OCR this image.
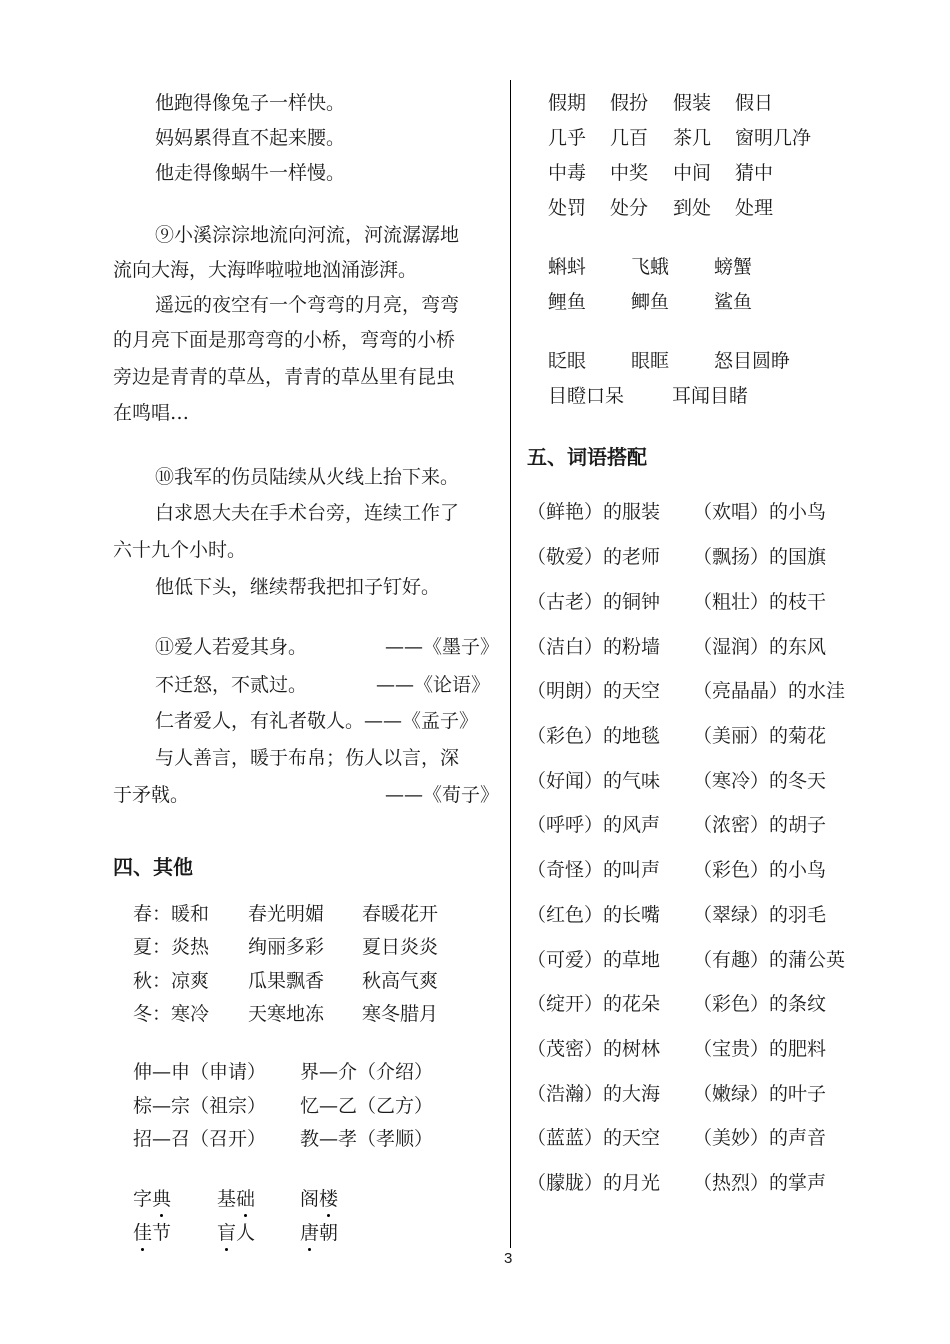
他跑得像兔子一样快。
妈妈累得直不起来腰。
他走得像蜗牛一样慢。
⑨小溪淙淙地流向河流，河流潺潺地
流向大海，大海哗啦啦地汹涌澎湃。
遥远的夜空有一个弯弯的月亮，弯弯
的月亮下面是那弯弯的小桥，弯弯的小桥
旁边是青青的草丛，青青的草丛里有昆虫
在鸣唱…
⑩我军的伤员陆续从火线上抬下来。
白求恩大夫在手术台旁，连续工作了
六十九个小时。
他低下头，继续帮我把扣子钉好。
⑪爱人若爱其身。	——《墨子》
不迁怒，不贰过。	——《论语》
仁者爱人，有礼者敬人。——《孟子》
与人善言，暖于布帛；伤人以言，深
于矛戟。	——《荀子》
四、其他
春：暖和 春光明媚 春暖花开
夏：炎热 绚丽多彩 夏日炎炎
秋：凉爽 瓜果飘香 秋高气爽
冬：寒冷 天寒地冻 寒冬腊月
伸—申（申请） 界—介（介绍）
棕—宗（祖宗） 忆—乙（乙方）
招—召（召开） 教—孝（孝顺）
字典 基础 阁楼
佳节 盲人 唐朝
假期 假扮 假装 假日
几乎 几百 茶几 窗明几净
中毒 中奖 中间 猜中
处罚 处分 到处 处理
蝌蚪 飞蛾 螃蟹
鲤鱼 鲫鱼 鲨鱼
眨眼 眼眶 怒目圆睁
目瞪口呆	耳闻目睹
五、词语搭配
（鲜艳）的服装 （欢唱）的小鸟
（敬爱）的老师 （飘扬）的国旗
（古老）的铜钟 （粗壮）的枝干
（洁白）的粉墙 （湿润）的东风
（明朗）的天空 （亮晶晶）的水洼
（彩色）的地毯 （美丽）的菊花
（好闻）的气味 （寒冷）的冬天
（呼呼）的风声 （浓密）的胡子
（奇怪）的叫声 （彩色）的小鸟
（红色）的长嘴 （翠绿）的羽毛
（可爱）的草地 （有趣）的蒲公英
（绽开）的花朵 （彩色）的条纹
（茂密）的树林 （宝贵）的肥料
（浩瀚）的大海 （嫩绿）的叶子
（蓝蓝）的天空 （美妙）的声音
（朦胧）的月光 （热烈）的掌声
3
